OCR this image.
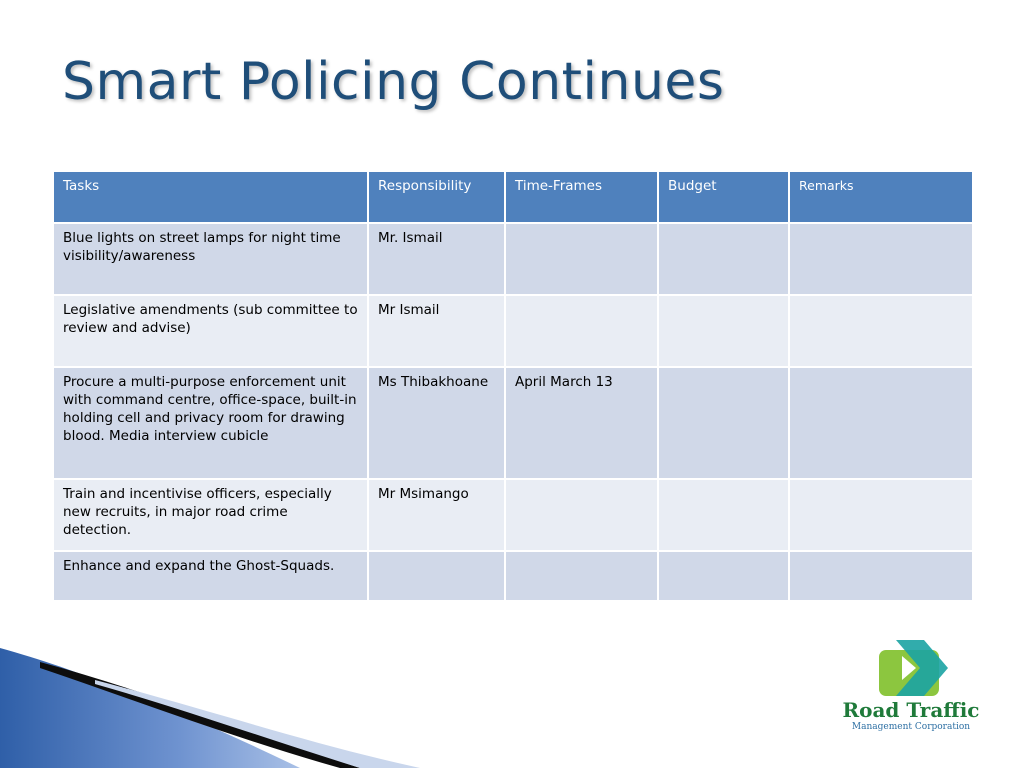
Smart Policing Continues
Tasks	Responsibility	Time-Frames	Budget	Remarks
Blue lights on street lamps for night time visibility/awareness	Mr. Ismail			
Legislative amendments (sub committee to review and advise)	Mr Ismail			
Procure a multi-purpose enforcement unit with command centre, office-space, built-in holding cell and privacy room for drawing blood. Media interview cubicle	Ms Thibakhoane	April March 13		
Train and incentivise officers, especially new recruits, in major road crime detection.	Mr Msimango			
Enhance and expand the Ghost-Squads.				
Road Traffic
Management Corporation
